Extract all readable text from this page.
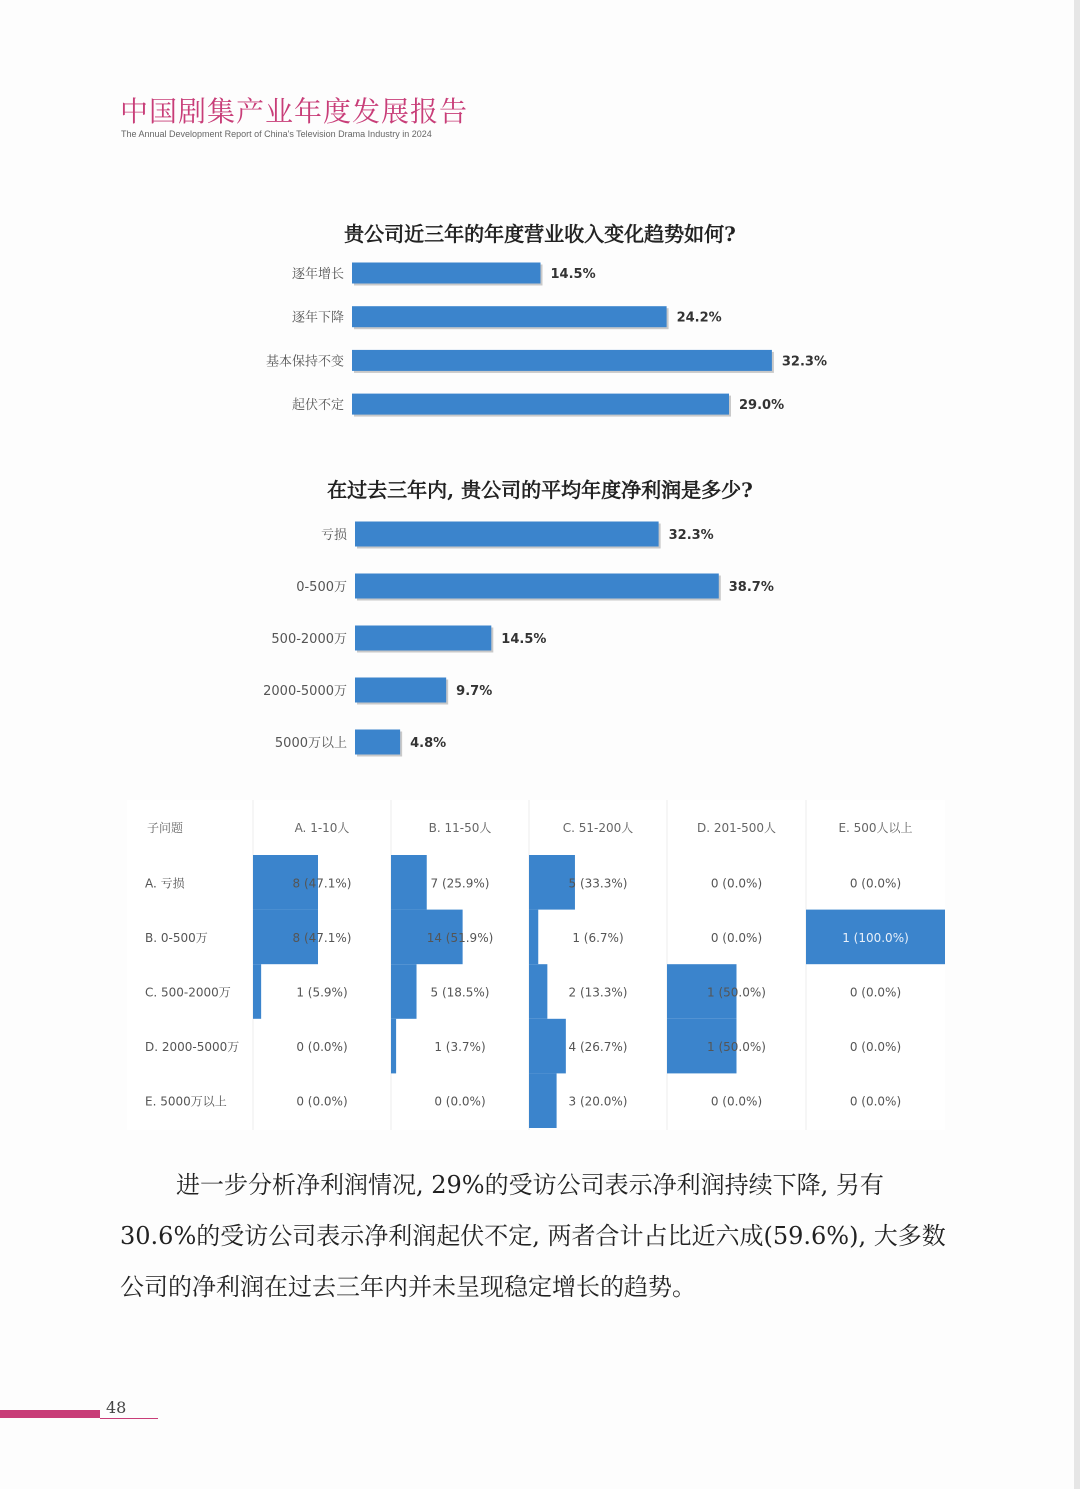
中国剧集产业年度发展报告
The Annual Development Report of China's Television Drama Industry in 2024
贵公司近三年的年度营业收入变化趋势如何?
逐年增长	14.5%
逐年下降	24.2%
基本保持不变	32.3%
起伏不定	29.0%
在过去三年内, 贵公司的平均年度净利润是多少?
亏损	32.3%
0-500万	38.7%
500-2000万	14.5%
2000-5000万	9.7%
5000万以上	4.8%
子问题	A. 1-10人	B. 11-50人	C. 51-200人	D. 201-500人	E. 500人以上
A. 亏损	8 (47.1%)	7 (25.9%)	5 (33.3%)	0 (0.0%)	0 (0.0%)
B. 0-500万	8 (47.1%)	14 (51.9%)	1 (6.7%)	0 (0.0%)	1 (100.0%)
C. 500-2000万	1 (5.9%)	5 (18.5%)	2 (13.3%)	1 (50.0%)	0 (0.0%)
D. 2000-5000万	0 (0.0%)	1 (3.7%)	4 (26.7%)	1 (50.0%)	0 (0.0%)
E. 5000万以上	0 (0.0%)	0 (0.0%)	3 (20.0%)	0 (0.0%)	0 (0.0%)

进一步分析净利润情况, 29%的受访公司表示净利润持续下降, 另有30.6%的受访公司表示净利润起伏不定, 两者合计占比近六成(59.6%), 大多数公司的净利润在过去三年内并未呈现稳定增长的趋势。

48
